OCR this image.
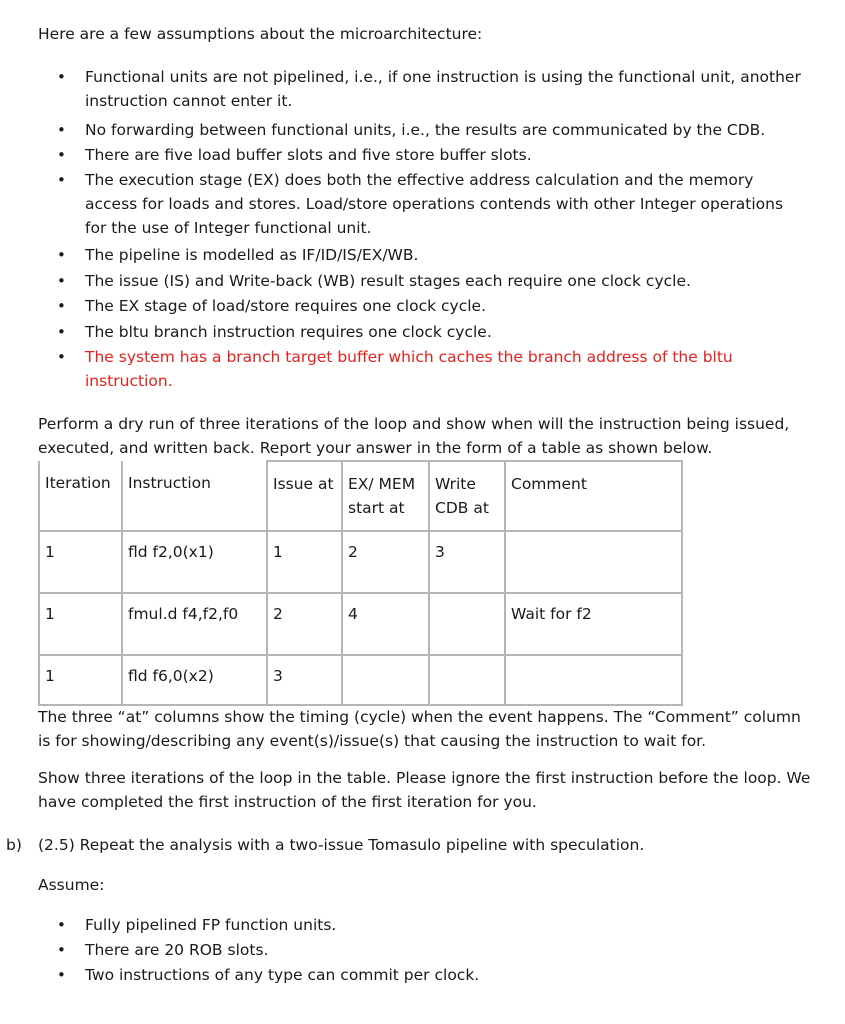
Here are a few assumptions about the microarchitecture:
• Functional units are not pipelined, i.e., if one instruction is using the functional unit, another instruction cannot enter it.
• No forwarding between functional units, i.e., the results are communicated by the CDB.
• There are five load buffer slots and five store buffer slots.
• The execution stage (EX) does both the effective address calculation and the memory access for loads and stores. Load/store operations contends with other Integer operations for the use of Integer functional unit.
• The pipeline is modelled as IF/ID/IS/EX/WB.
• The issue (IS) and Write-back (WB) result stages each require one clock cycle.
• The EX stage of load/store requires one clock cycle.
• The bltu branch instruction requires one clock cycle.
• The system has a branch target buffer which caches the branch address of the bltu instruction.
Perform a dry run of three iterations of the loop and show when will the instruction being issued, executed, and written back. Report your answer in the form of a table as shown below.
Iteration	Instruction	Issue at	EX/ MEM start at	Write CDB at	Comment
1	fld f2,0(x1)	1	2	3	
1	fmul.d f4,f2,f0	2	4		Wait for f2
1	fld f6,0(x2)	3			
The three “at” columns show the timing (cycle) when the event happens. The “Comment” column is for showing/describing any event(s)/issue(s) that causing the instruction to wait for.
Show three iterations of the loop in the table. Please ignore the first instruction before the loop. We have completed the first instruction of the first iteration for you.
b) (2.5) Repeat the analysis with a two-issue Tomasulo pipeline with speculation.
Assume:
• Fully pipelined FP function units.
• There are 20 ROB slots.
• Two instructions of any type can commit per clock.
